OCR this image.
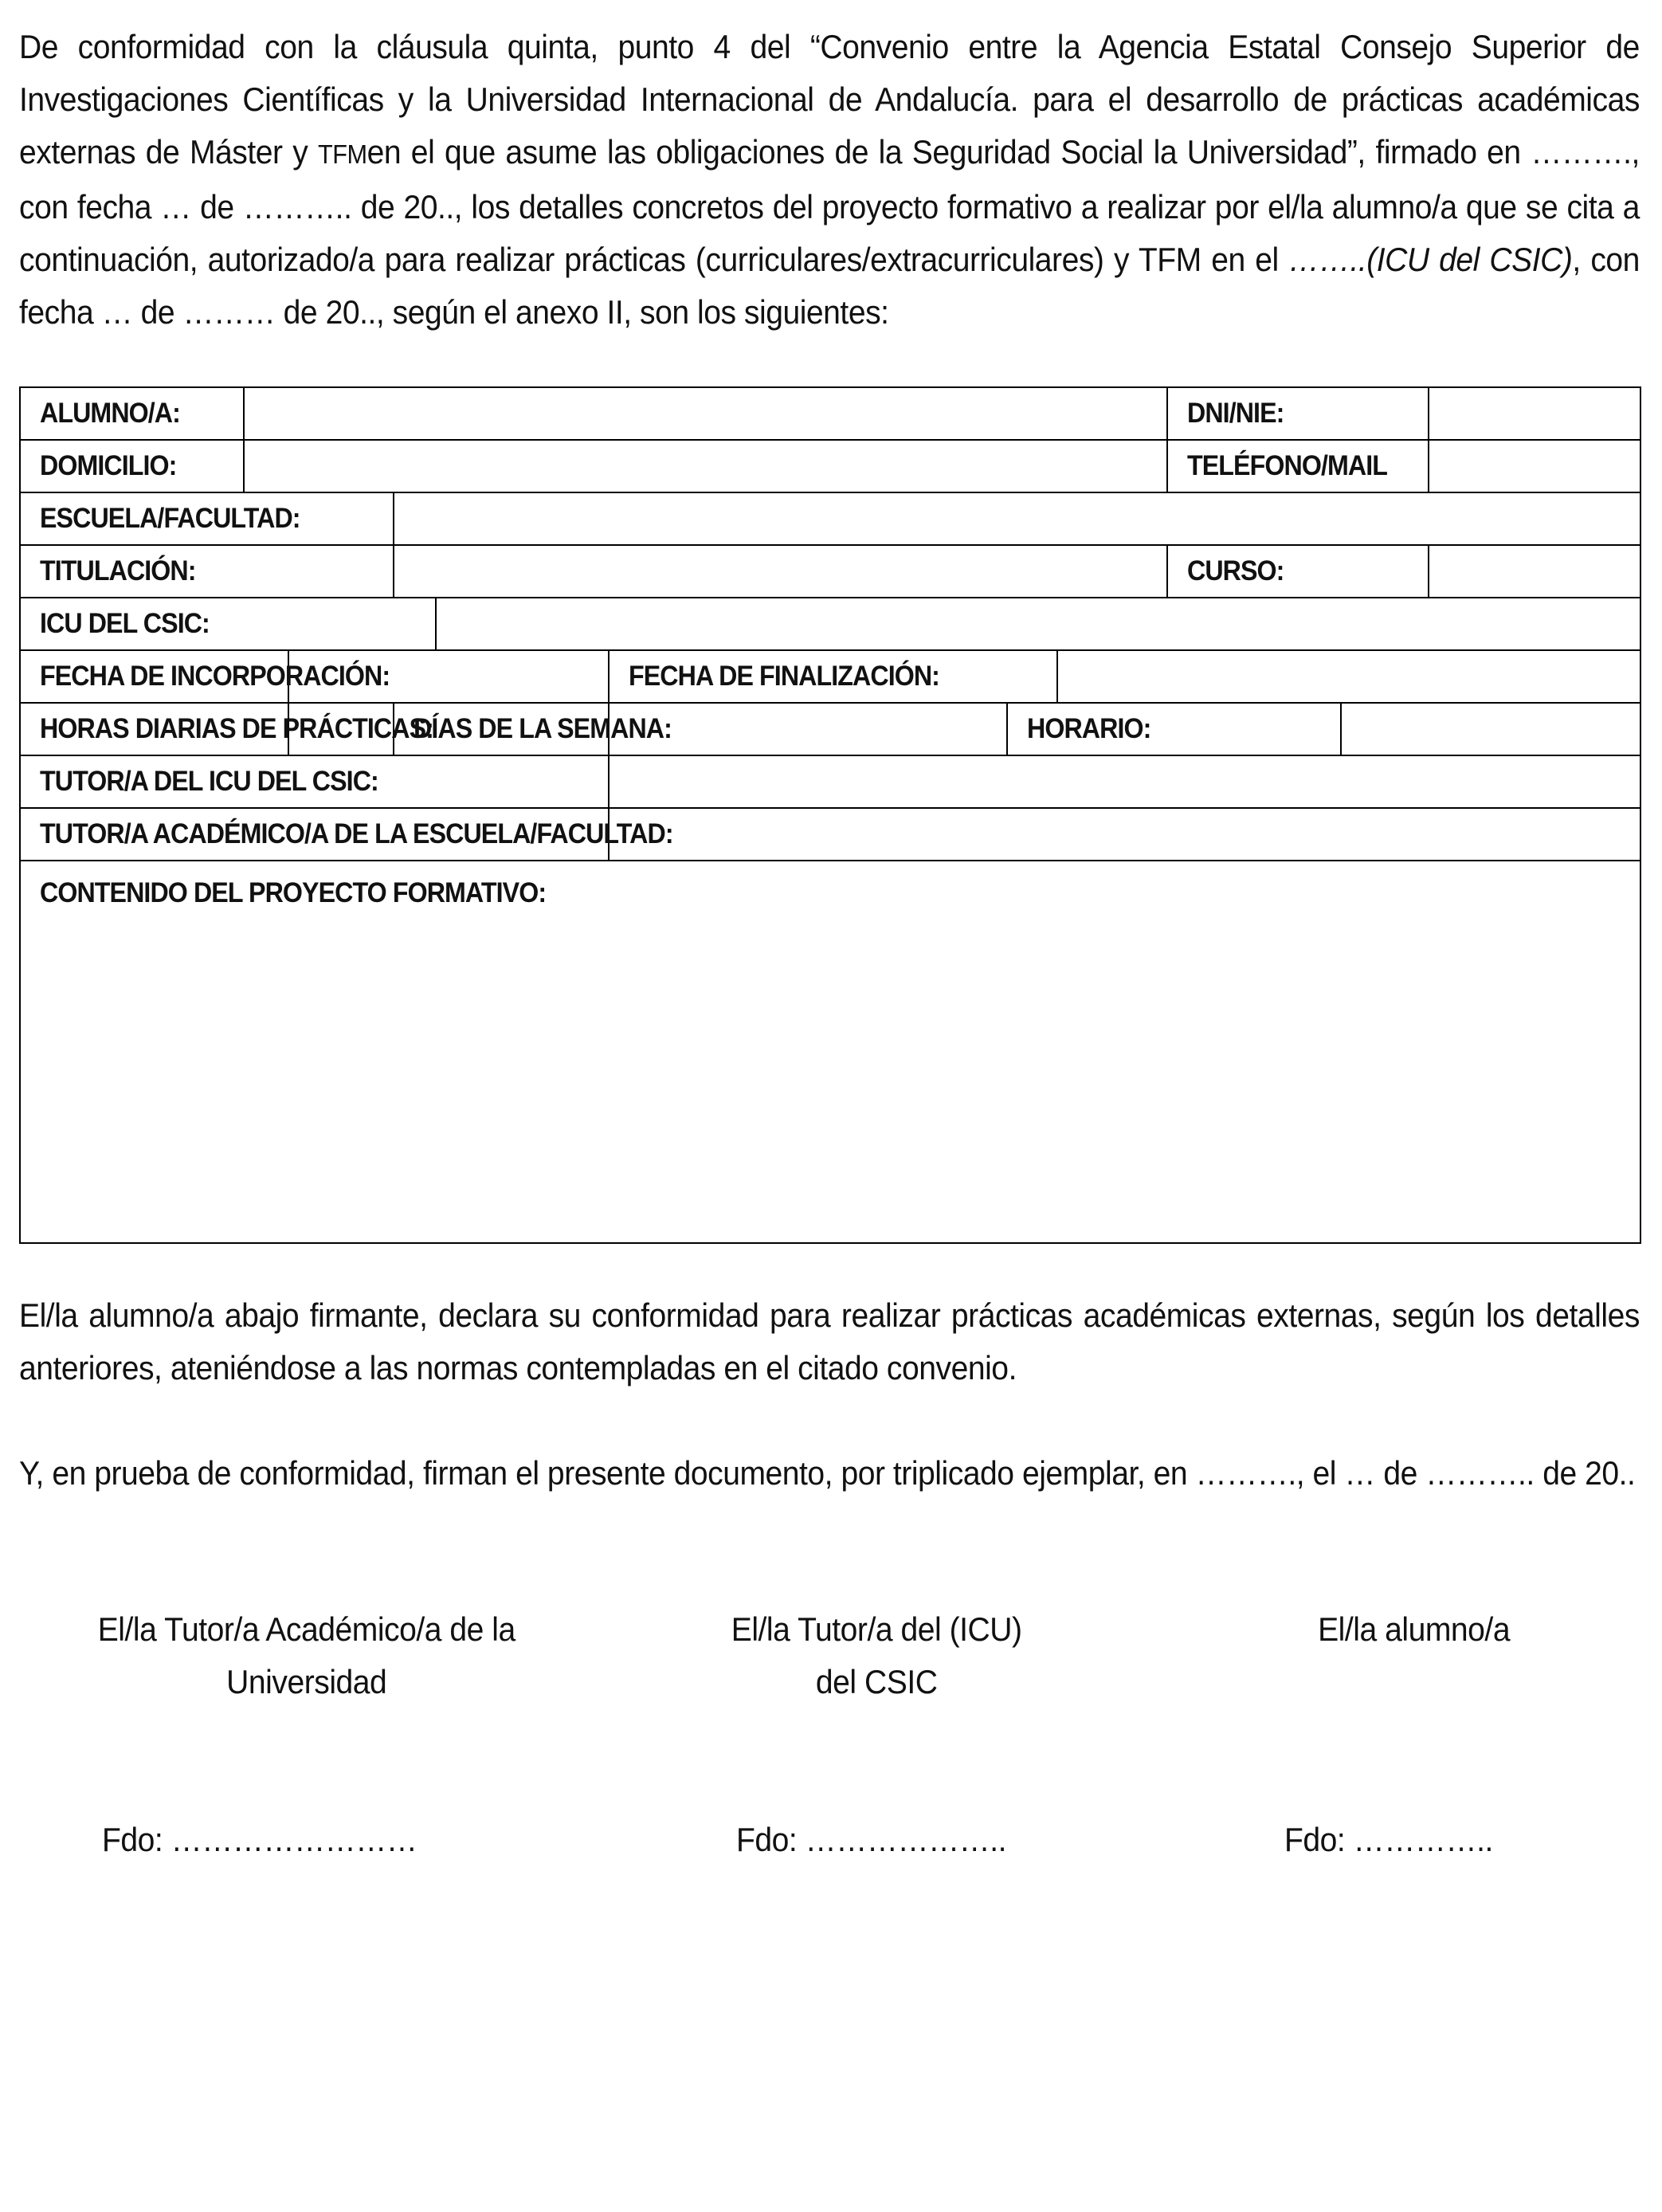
De conformidad con la cláusula quinta, punto 4 del “Convenio entre la Agencia Estatal Consejo Superior de Investigaciones Científicas y la Universidad Internacional de Andalucía. para el desarrollo de prácticas académicas externas de Máster y TFMen el que asume las obligaciones de la Seguridad Social la Universidad”, firmado en ………., con fecha … de ……….. de 20.., los detalles concretos del proyecto formativo a realizar por el/la alumno/a que se cita a continuación, autorizado/a para realizar prácticas (curriculares/extracurriculares) y TFM en el ……..(ICU del CSIC), con fecha … de ……… de 20.., según el anexo II, son los siguientes:

ALUMNO/A:								DNI/NIE:		
DOMICILIO:								TELÉFONO/MAIL		
ESCUELA/FACULTAD:										
TITULACIÓN:								CURSO:		
ICU DEL CSIC:										
FECHA DE INCORPORACIÓN:					FECHA DE FINALIZACIÓN:					
HORAS DIARIAS DE PRÁCTICAS:			DÍAS DE LA SEMANA:			HORARIO:				
TUTOR/A DEL ICU DEL CSIC:										
TUTOR/A ACADÉMICO/A DE LA ESCUELA/FACULTAD:										
CONTENIDO DEL PROYECTO FORMATIVO:										

El/la alumno/a abajo firmante, declara su conformidad para realizar prácticas académicas externas, según los detalles anteriores, ateniéndose a las normas contempladas en el citado convenio.

Y, en prueba de conformidad, firman el presente documento, por triplicado ejemplar, en ………., el … de ……….. de 20..

El/la Tutor/a Académico/a de la
Universidad
El/la Tutor/a del (ICU)
del CSIC
El/la alumno/a
Fdo: ……………………	Fdo: ………………..	Fdo: …………..
